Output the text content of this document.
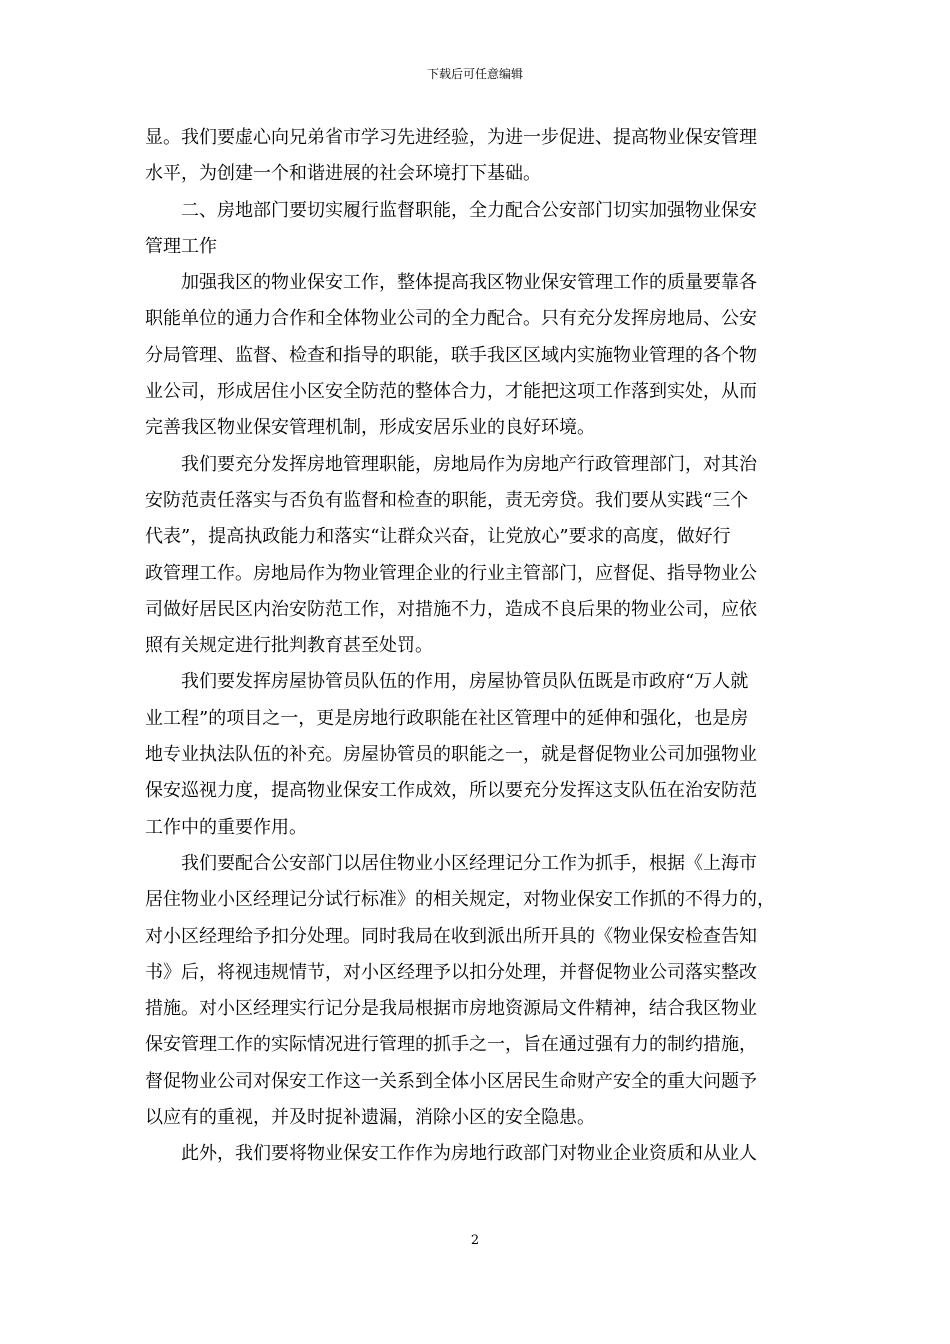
下载后可任意编辑

显。我们要虚心向兄弟省市学习先进经验，为进一步促进、提高物业保安管理

水平，为创建一个和谐进展的社会环境打下基础。

　　二、房地部门要切实履行监督职能，全力配合公安部门切实加强物业保安

管理工作

　　加强我区的物业保安工作，整体提高我区物业保安管理工作的质量要靠各

职能单位的通力合作和全体物业公司的全力配合。只有充分发挥房地局、公安

分局管理、监督、检查和指导的职能，联手我区区域内实施物业管理的各个物

业公司，形成居住小区安全防范的整体合力，才能把这项工作落到实处，从而

完善我区物业保安管理机制，形成安居乐业的良好环境。

　　我们要充分发挥房地管理职能，房地局作为房地产行政管理部门，对其治

安防范责任落实与否负有监督和检查的职能，责无旁贷。我们要从实践“三个

代表”，提高执政能力和落实“让群众兴奋，让党放心”要求的高度，做好行

政管理工作。房地局作为物业管理企业的行业主管部门，应督促、指导物业公

司做好居民区内治安防范工作，对措施不力，造成不良后果的物业公司，应依

照有关规定进行批判教育甚至处罚。

　　我们要发挥房屋协管员队伍的作用，房屋协管员队伍既是市政府“万人就

业工程”的项目之一，更是房地行政职能在社区管理中的延伸和强化，也是房

地专业执法队伍的补充。房屋协管员的职能之一，就是督促物业公司加强物业

保安巡视力度，提高物业保安工作成效，所以要充分发挥这支队伍在治安防范

工作中的重要作用。

　　我们要配合公安部门以居住物业小区经理记分工作为抓手，根据《上海市

居住物业小区经理记分试行标准》的相关规定，对物业保安工作抓的不得力的，

对小区经理给予扣分处理。同时我局在收到派出所开具的《物业保安检查告知

书》后，将视违规情节，对小区经理予以扣分处理，并督促物业公司落实整改

措施。对小区经理实行记分是我局根据市房地资源局文件精神，结合我区物业

保安管理工作的实际情况进行管理的抓手之一，旨在通过强有力的制约措施，

督促物业公司对保安工作这一关系到全体小区居民生命财产安全的重大问题予

以应有的重视，并及时捉补遗漏，消除小区的安全隐患。

　　此外，我们要将物业保安工作作为房地行政部门对物业企业资质和从业人

2
